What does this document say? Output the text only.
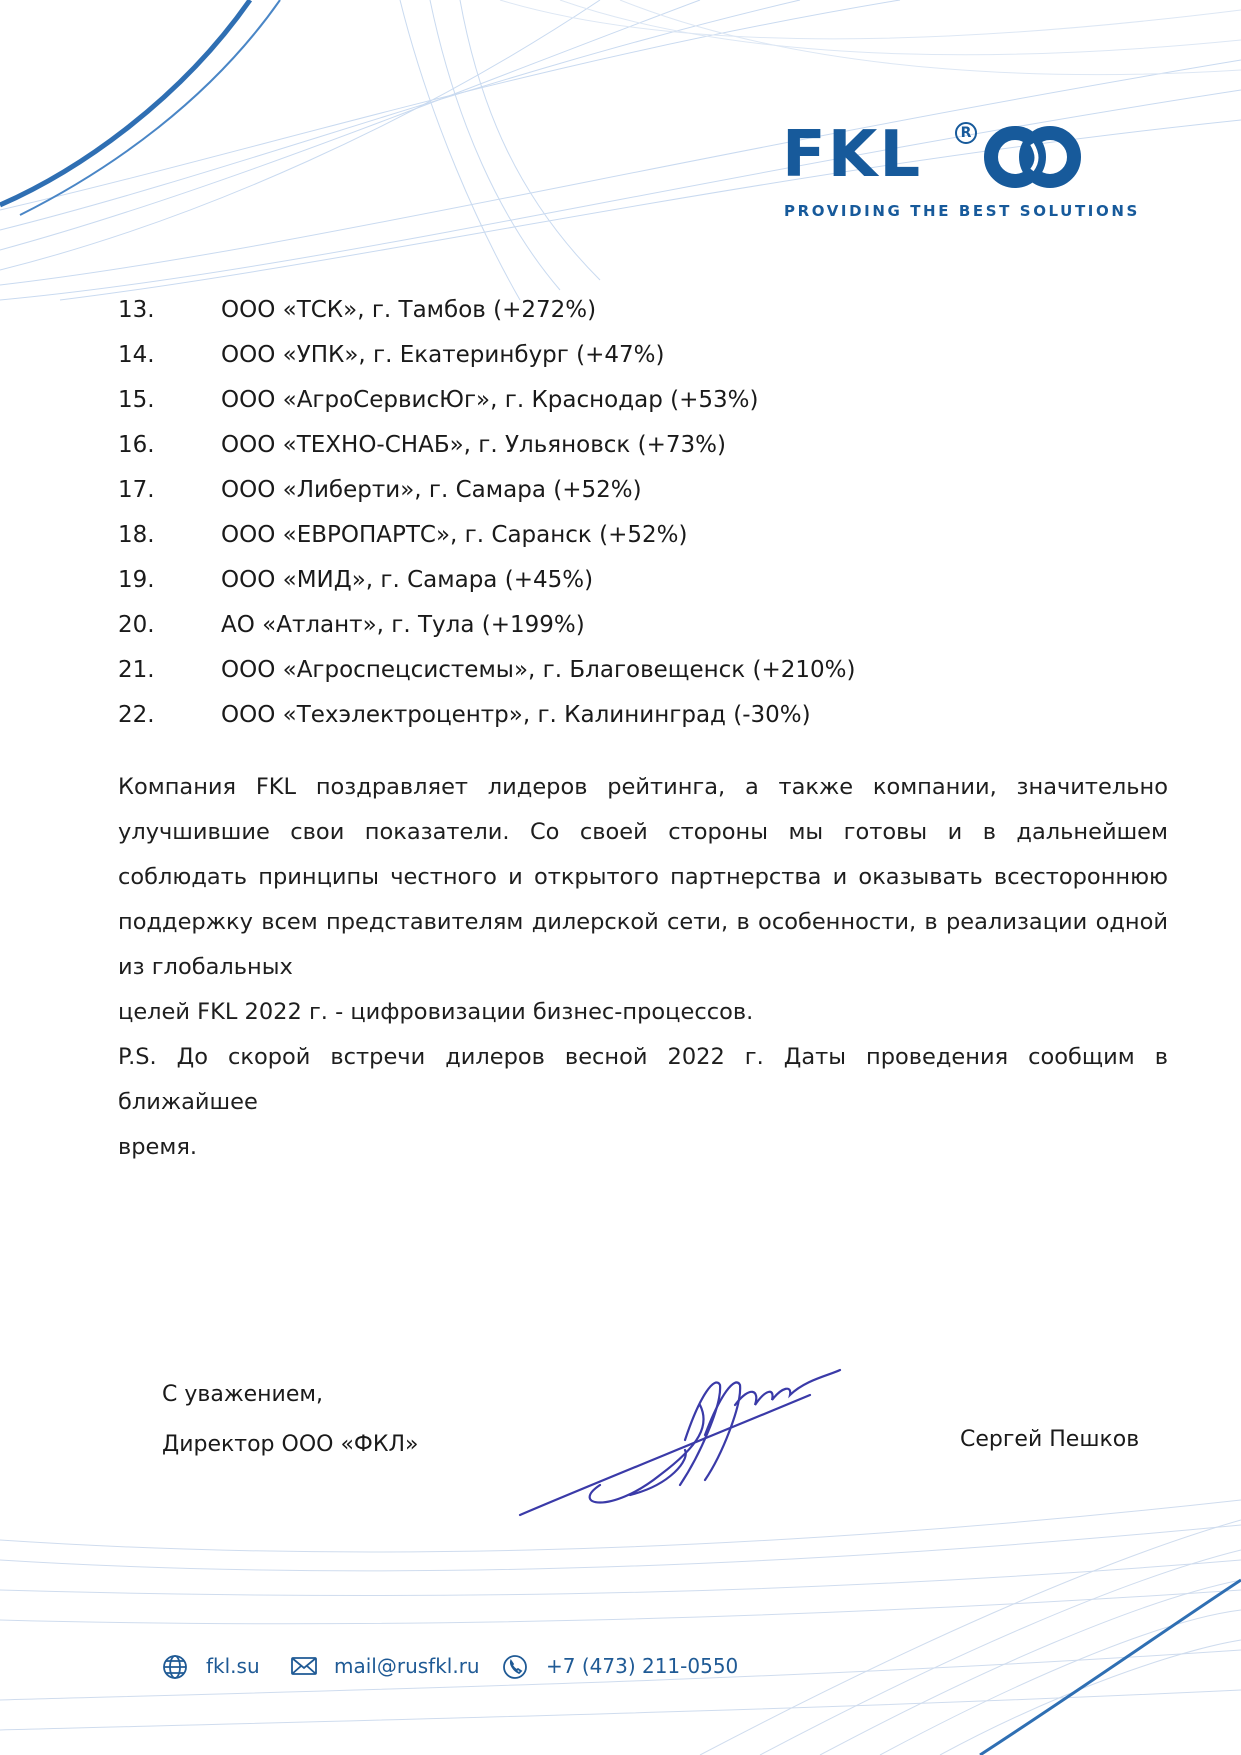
FKL	R
PROVIDING THE BEST SOLUTIONS
13.	ООО «ТСК», г. Тамбов (+272%)
14.	ООО «УПК», г. Екатеринбург (+47%)
15.	ООО «АгроСервисЮг», г. Краснодар (+53%)
16.	ООО «ТЕХНО-СНАБ», г. Ульяновск (+73%)
17.	ООО «Либерти», г. Самара (+52%)
18.	ООО «ЕВРОПАРТС», г. Саранск (+52%)
19.	ООО «МИД», г. Самара (+45%)
20.	АО «Атлант», г. Тула (+199%)
21.	ООО «Агроспецсистемы», г. Благовещенск (+210%)
22.	ООО «Техэлектроцентр», г. Калининград (-30%)
Компания FKL поздравляет лидеров рейтинга, а также компании, значительно улучшившие свои показатели. Со своей стороны мы готовы и в дальнейшем соблюдать принципы честного и открытого партнерства и оказывать всестороннюю поддержку всем представителям дилерской сети, в особенности, в реализации одной из глобальных
целей FKL 2022 г. - цифровизации бизнес-процессов.
P.S. До скорой встречи дилеров весной 2022 г. Даты проведения сообщим в ближайшее
время.
С уважением,
Директор ООО «ФКЛ»	Сергей Пешков
fkl.su	mail@rusfkl.ru	+7 (473) 211-0550
